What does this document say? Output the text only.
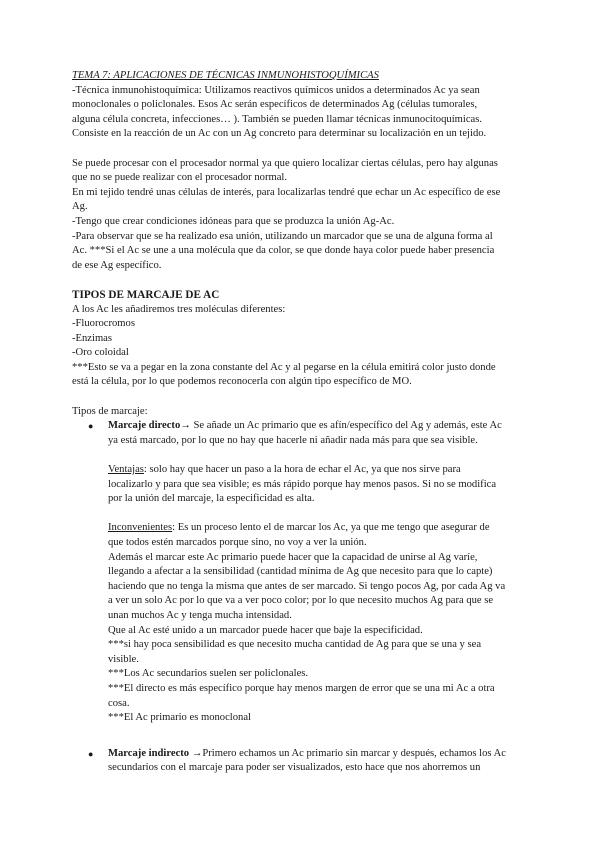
TEMA 7: APLICACIONES DE TÉCNICAS INMUNOHISTOQUÍMICAS

-Técnica inmunohistoquímica: Utilizamos reactivos químicos unidos a determinados Ac ya sean

monoclonales o policlonales. Esos Ac serán específicos de determinados Ag (células tumorales,

alguna célula concreta, infecciones… ). También se pueden llamar técnicas inmunocitoquímicas.

Consiste en la reacción de un Ac con un Ag concreto para determinar su localización en un tejido.

Se puede procesar con el procesador normal ya que quiero localizar ciertas células, pero hay algunas

que no se puede realizar con el procesador normal.

En mi tejido tendré unas células de interés, para localizarlas tendré que echar un Ac específico de ese

Ag.

-Tengo que crear condiciones idóneas para que se produzca la unión Ag-Ac.

-Para observar que se ha realizado esa unión, utilizando un marcador que se una de alguna forma al

Ac. ***Si el Ac se une a una molécula que da color, se que donde haya color puede haber presencia

de ese Ag específico.

TIPOS DE MARCAJE DE AC

A los Ac les añadiremos tres moléculas diferentes:

-Fluorocromos

-Enzimas

-Oro coloidal

***Esto se va a pegar en la zona constante del Ac y al pegarse en la célula emitirá color justo donde

está la célula, por lo que podemos reconocerla con algún tipo específico de MO.

Tipos de marcaje:

● Marcaje directo→ Se añade un Ac primario que es afín/específico del Ag y además, este Ac

ya está marcado, por lo que no hay que hacerle ni añadir nada más para que sea visible.

Ventajas: solo hay que hacer un paso a la hora de echar el Ac, ya que nos sirve para

localizarlo y para que sea visible; es más rápido porque hay menos pasos. Si no se modifica

por la unión del marcaje, la especificidad es alta.

Inconvenientes: Es un proceso lento el de marcar los Ac, ya que me tengo que asegurar de

que todos estén marcados porque sino, no voy a ver la unión.

Además el marcar este Ac primario puede hacer que la capacidad de unirse al Ag varíe,

llegando a afectar a la sensibilidad (cantidad mínima de Ag que necesito para que lo capte)

haciendo que no tenga la misma que antes de ser marcado. Si tengo pocos Ag, por cada Ag va

a ver un solo Ac por lo que va a ver poco color; por lo que necesito muchos Ag para que se

unan muchos Ac y tenga mucha intensidad.

Que al Ac esté unido a un marcador puede hacer que baje la especificidad.

***si hay poca sensibilidad es que necesito mucha cantidad de Ag para que se una y sea

visible.

***Los Ac secundarios suelen ser policlonales.

***El directo es más específico porque hay menos margen de error que se una mi Ac a otra

cosa.

***El Ac primario es monoclonal

● Marcaje indirecto →Primero echamos un Ac primario sin marcar y después, echamos los Ac

secundarios con el marcaje para poder ser visualizados, esto hace que nos ahorremos un
